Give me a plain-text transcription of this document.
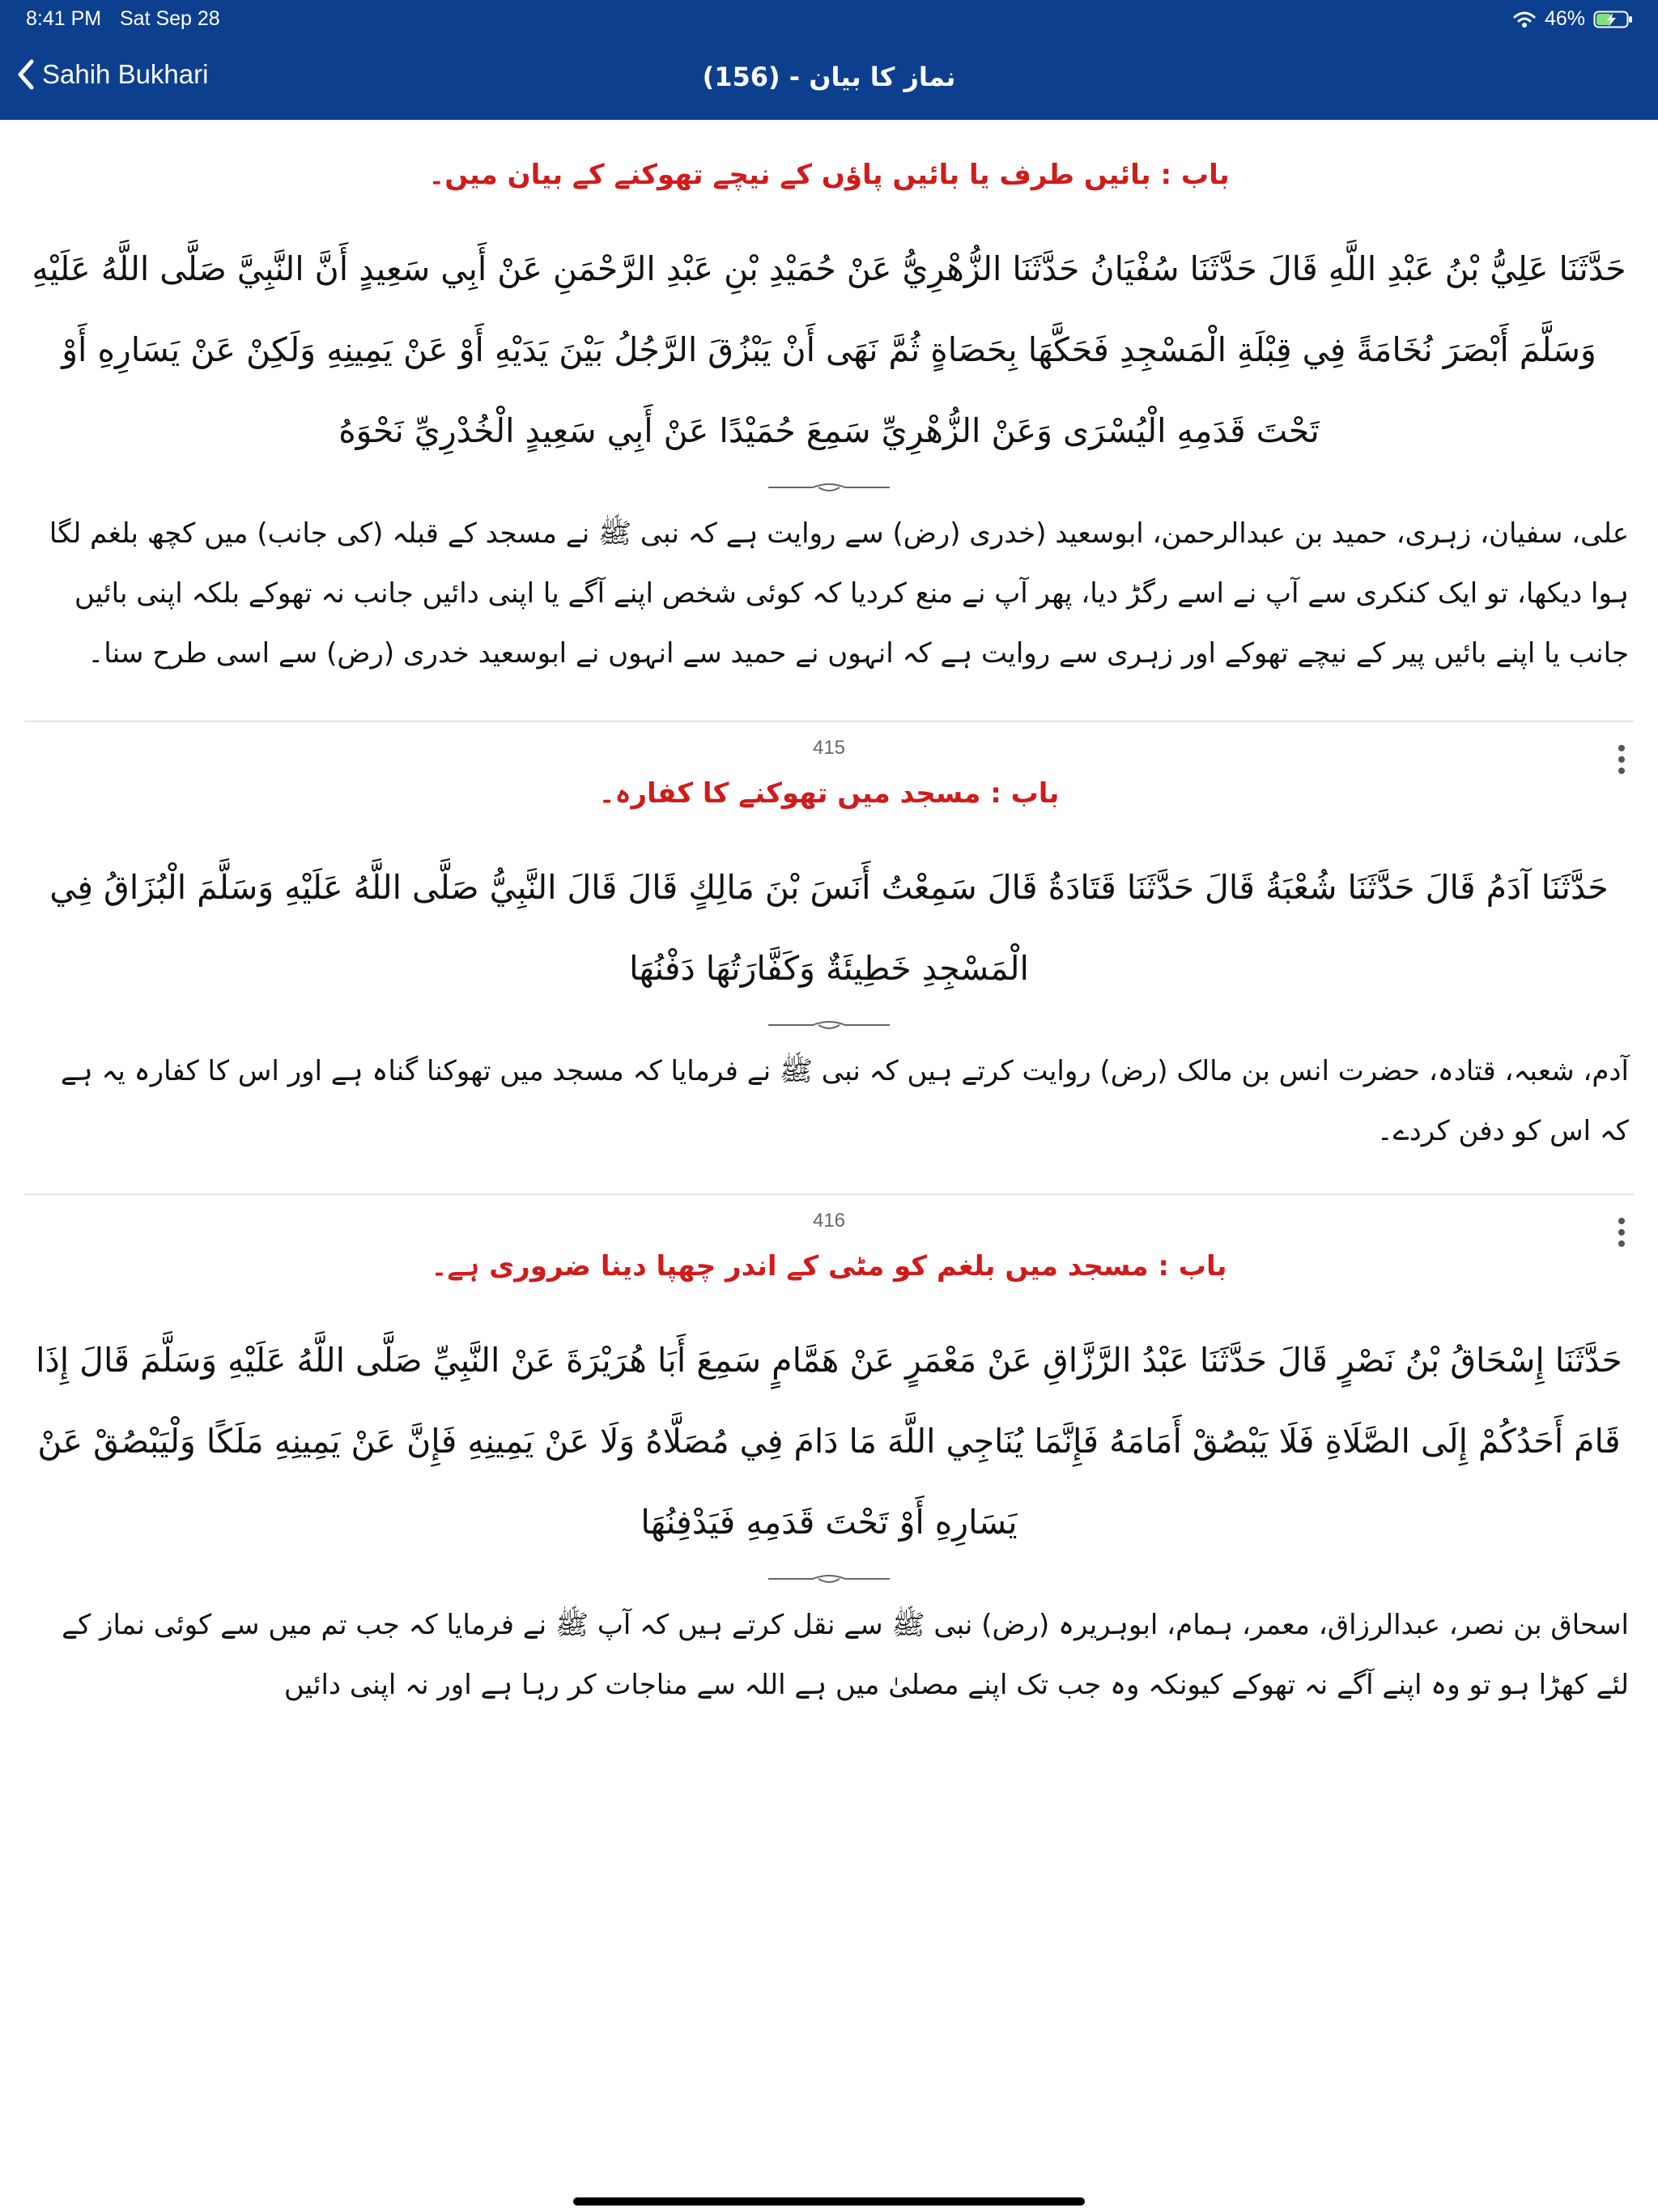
8:41 PM Sat Sep 28	46%
Sahih Bukhari	نماز کا بیان - (156)
باب : بائیں طرف یا بائیں پاؤں کے نیچے تھوکنے کے بیان میں۔
حَدَّثَنَا عَلِيُّ بْنُ عَبْدِ اللَّهِ قَالَ حَدَّثَنَا سُفْيَانُ حَدَّثَنَا الزُّهْرِيُّ عَنْ حُمَيْدِ بْنِ عَبْدِ الرَّحْمَنِ عَنْ أَبِي سَعِيدٍ أَنَّ النَّبِيَّ صَلَّى اللَّهُ عَلَيْهِ وَسَلَّمَ أَبْصَرَ نُخَامَةً فِي قِبْلَةِ الْمَسْجِدِ فَحَكَّهَا بِحَصَاةٍ ثُمَّ نَهَى أَنْ يَبْزُقَ الرَّجُلُ بَيْنَ يَدَيْهِ أَوْ عَنْ يَمِينِهِ وَلَكِنْ عَنْ يَسَارِهِ أَوْ تَحْتَ قَدَمِهِ الْيُسْرَى وَعَنْ الزُّهْرِيِّ سَمِعَ حُمَيْدًا عَنْ أَبِي سَعِيدٍ الْخُدْرِيِّ نَحْوَهُ
علی، سفیان، زہری، حمید بن عبدالرحمن، ابوسعید (خدری (رض) سے روایت ہے کہ نبی ﷺ نے مسجد کے قبلہ (کی جانب) میں کچھ بلغم لگا ہوا دیکھا، تو ایک کنکری سے آپ نے اسے رگڑ دیا، پھر آپ نے منع کردیا کہ کوئی شخص اپنے آگے یا اپنی دائیں جانب نہ تھوکے بلکہ اپنی بائیں جانب یا اپنے بائیں پیر کے نیچے تھوکے اور زہری سے روایت ہے کہ انہوں نے حمید سے انہوں نے ابوسعید خدری (رض) سے اسی طرح سنا۔
415
باب : مسجد میں تھوکنے کا کفارہ۔
حَدَّثَنَا آدَمُ قَالَ حَدَّثَنَا شُعْبَةُ قَالَ حَدَّثَنَا قَتَادَةُ قَالَ سَمِعْتُ أَنَسَ بْنَ مَالِكٍ قَالَ قَالَ النَّبِيُّ صَلَّى اللَّهُ عَلَيْهِ وَسَلَّمَ الْبُزَاقُ فِي الْمَسْجِدِ خَطِيئَةٌ وَكَفَّارَتُهَا دَفْنُهَا
آدم، شعبہ، قتادہ، حضرت انس بن مالک (رض) روایت کرتے ہیں کہ نبی ﷺ نے فرمایا کہ مسجد میں تھوکنا گناہ ہے اور اس کا کفارہ یہ ہے کہ اس کو دفن کردے۔
416
باب : مسجد میں بلغم کو مٹی کے اندر چھپا دینا ضروری ہے۔
حَدَّثَنَا إِسْحَاقُ بْنُ نَصْرٍ قَالَ حَدَّثَنَا عَبْدُ الرَّزَّاقِ عَنْ مَعْمَرٍ عَنْ هَمَّامٍ سَمِعَ أَبَا هُرَيْرَةَ عَنْ النَّبِيِّ صَلَّى اللَّهُ عَلَيْهِ وَسَلَّمَ قَالَ إِذَا قَامَ أَحَدُكُمْ إِلَى الصَّلَاةِ فَلَا يَبْصُقْ أَمَامَهُ فَإِنَّمَا يُنَاجِي اللَّهَ مَا دَامَ فِي مُصَلَّاهُ وَلَا عَنْ يَمِينِهِ فَإِنَّ عَنْ يَمِينِهِ مَلَكًا وَلْيَبْصُقْ عَنْ يَسَارِهِ أَوْ تَحْتَ قَدَمِهِ فَيَدْفِنُهَا
اسحاق بن نصر، عبدالرزاق، معمر، ہمام، ابوہریرہ (رض) نبی ﷺ سے نقل کرتے ہیں کہ آپ ﷺ نے فرمایا کہ جب تم میں سے کوئی نماز کے لئے کھڑا ہو تو وہ اپنے آگے نہ تھوکے کیونکہ وہ جب تک اپنے مصلیٰ میں ہے اللہ سے مناجات کر رہا ہے اور نہ اپنی دائیں
